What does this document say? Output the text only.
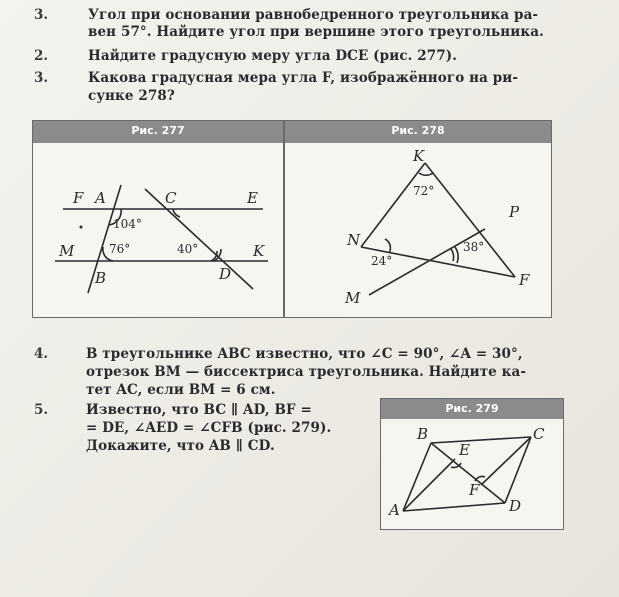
3.	Угол при основании равнобедренного треугольника ра-
вен 57°. Найдите угол при вершине этого треугольника.
2.	Найдите градусную меру угла DCE (рис. 277).
3.	Какова градусная мера угла F, изображённого на ри-
сунке 278?
Рис. 277	Рис. 278
F A	C	E
M
B	D
K
104°
76°	40°
K
P
N
M
F
72°
38°
24°
4.	В треугольнике ABC известно, что ∠C = 90°, ∠A = 30°,
отрезок BM — биссектриса треугольника. Найдите ка-
тет AC, если BM = 6 см.
5.	Известно, что BC ∥ AD, BF =
= DE, ∠AED = ∠CFB (рис. 279).
Докажите, что AB ∥ CD.
Рис. 279
B	C
E
F
A	D
